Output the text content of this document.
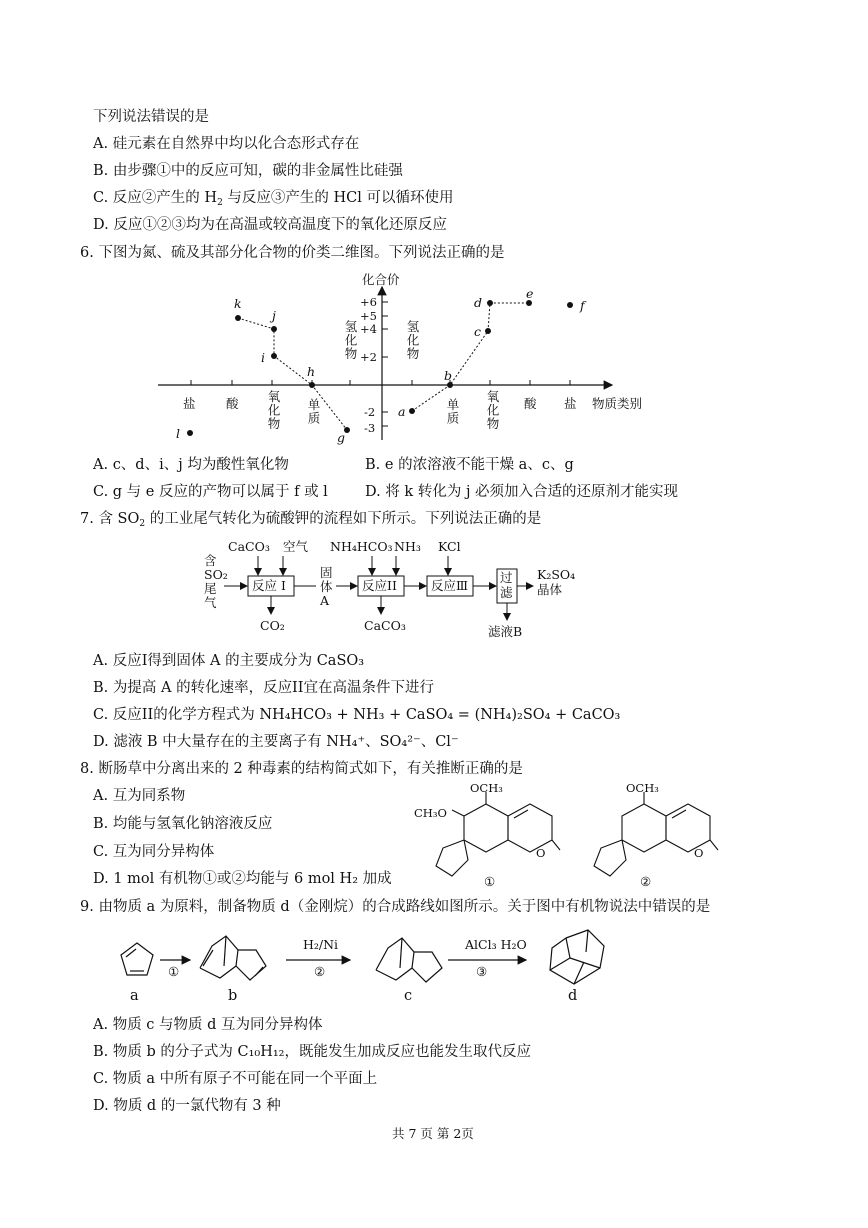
下列说法错误的是
A. 硅元素在自然界中均以化合态形式存在
B. 由步骤①中的反应可知，碳的非金属性比硅强
C. 反应②产生的 $H_2$ 与反应③产生的 HCl 可以循环使用
D. 反应①②③均为在高温或较高温度下的氧化还原反应
6. 下图为氮、硫及其部分化合物的价类二维图。下列说法正确的是
化合价
+6
+5
+4
+2
-2
-3
氢化物	氢化物
盐 酸 氧化物 单质	单质 氧化物 酸 盐 物质类别
a
b
c
d
e
f
g
h
i
j
k
l
A. c、d、i、j 均为酸性氧化物	B. e 的浓溶液不能干燥 a、c、g
C. g 与 e 反应的产物可以属于 f 或 l	D. 将 k 转化为 j 必须加入合适的还原剂才能实现
7. 含 $SO_2$ 的工业尾气转化为硫酸钾的流程如下所示。下列说法正确的是
含
SO₂
尾
气
CaCO₃ 空气 NH₄HCO₃ NH₃ KCl
反应 I	反应II	反应Ⅲ
固
体
A
过
滤
K₂SO₄
晶体
CO₂	CaCO₃	滤液B
A. 反应I得到固体 A 的主要成分为 CaSO₃
B. 为提高 A 的转化速率，反应II宜在高温条件下进行
C. 反应II的化学方程式为 NH₄HCO₃ + NH₃ + CaSO₄ = (NH₄)₂SO₄ + CaCO₃
D. 滤液 B 中大量存在的主要离子有 NH₄⁺、SO₄²⁻、Cl⁻
8. 断肠草中分离出来的 2 种毒素的结构简式如下，有关推断正确的是
A. 互为同系物
B. 均能与氢氧化钠溶液反应
C. 互为同分异构体
D. 1 mol 有机物①或②均能与 6 mol H₂ 加成
OCH₃
CH₃O
OCH₃
O	O
①	②
9. 由物质 a 为原料，制备物质 d（金刚烷）的合成路线如图所示。关于图中有机物说法中错误的是
a	b	c	d
①
H₂/Ni
②
AlCl₃ H₂O
③
A. 物质 c 与物质 d 互为同分异构体
B. 物质 b 的分子式为 C₁₀H₁₂，既能发生加成反应也能发生取代反应
C. 物质 a 中所有原子不可能在同一个平面上
D. 物质 d 的一氯代物有 3 种
共 7 页 第 2页
